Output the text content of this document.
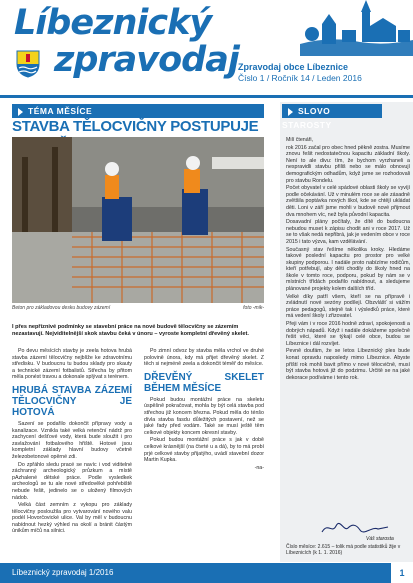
Líbeznický
zpravodaj Zpravodaj obce Líbeznice
Číslo 1 / Ročník 14 / Leden 2016
TÉMA MĚSÍCE
STAVBA TĚLOCVIČNY POSTUPUJE
Beton pro základovou desku budovy zázemí	foto -mik-
I přes nepříznivé podmínky se stavební práce na nové budově tělocvičny se zázemím nezastavují. Nejviditelnější skok stavbu čeká v únoru – vyroste kompletní dřevěný skelet.

Po devu měsících stavby je zeela hotova hrubá stavba zázemí tělocvičny nejblíže ke zdravotnímu středisku. V budoucnu tu budou sklady pro skauty a technické zázemí fotbalistů. Střecha by přitom měla ponést travou a dokonale splývat s terénem.

HRUBÁ STAVBA ZÁZEMÍ TĚLOCVIČNY JE HOTOVÁ

Sazení se podařilo dokončit přípravy vody a kanalizace. Vznikla také velká retenční nádrž pro zachycení dešťové vody, která bude sloužit i pro zavlažování fotbalového hřiště. Hotové jsou kompletní základy hlavní budovy včetně železobetonové opěrné zdi.

Do zpřáhlo sledu pracé se navíc i vod viditelné záchranný archeologický průzkum a místě pAzhalené dětské práce. Podle vysledkek archeologů se tu ale nové středověké pohřebiště nebude řešit, jedinelo se o uložený filmových nádob.

Velká část zemním z vykopu pro základy tělocvičny posloužila pro vytvarování nového valu podél Hovorčovické ulice. Val by měl v budoucnu nabídnout hezký výhled na okolí a bránit částým únikům míčů na silnici.

Po zimní odvoz by stavba měla vrchol ve druhé polovině února, kdy má přijet dřevěný skelet. Z těch si nejméně zeela a dokončit téměř do měsíce.

DŘEVĚNÝ SKELET BĚHEM MĚSÍCE

Pokud budou montážní práce na skeletu úspěšně pokračovat, mohla by být celá stavba pod střechou již koncem března. Pokud měla do ténšo dívla stavba fasdu důležitých postavení, než se jaké řady před vodám. Také se musí ještě těm celkové objekty koncem okresní stavby.

Pokud budou montážní práce s jak v době celkové krásnější (na čtvrté u a dá), by to má probí prjé celkové stavby přijatýho, uvádí stavební dozor Martin Kupka.

-na-

SLOVO STAROSTY

Milí čtenáři,

rok 2016 začal pro obec hned pěkně zostra. Musíme znovu řešit nedostatečnou kapacitu základní školy. Není to ale divu: tím, že bychom vyrzhaneli a nespravidli stavbu přiliš nebo se málo obnovují demografickým odhadům, když jsme se rozhodovali pro stavbu Rondelu.

Počet obyvatel v celé spádové oblasti školy se vyvíjí podle očekávání. Už v minulém roce se ale zásadně zvětšila poptávka nových škol, kde se chtějí ukládat děti. Loni v září jsme mohli v budově nové přijmout dva mnohem víc, než byla původní kapacita.

Dosavadní plány počítaly, že dítě do budoucna nebudou muset k zápisu chodit ani v roce 2017. Už se to však nedá nepřibrá, jak je vedením obce v roce 2015 i tato výzva, kam vzdělávání.

Současný stav řešíme několika kroky. Hledáme takové poslední kapacitu pro prostor pro velké skupiny podporou. I nadále proto nabízíme rodičům, kteří potřebují, aby děti chodily do školy hned na škole v tomto roce, podporu, pokud by nám se v místních třídách podařilo nabídnout, a sledujeme plánované projekty kolem dalších tříd.

Velké díky patří všem, kteří se na přípravě i zvládnutí nové sezóny podílejí. Obzvlášť si vážím práce pedagogů, stejně tak i výsledků práce, které má vedení školy i zřizovatel.

Přeji vám i v roce 2016 hodně zdraví, spokojenosti a dobrých nápadů. Když i nadále dokážeme společně řešit věci, které se týkají celé obce, budou se Líbeznice i dál rozvíjet.

Pevně doufám, že se letos Líbeznický ples bude konat opravdu naposledy mimo Líbeznice. Abyste příští rok mohli bavit přímo v nové tělocvičně, musí být stavba hotová již do podzimu. Určitě se na jaké dekorace podíváme i tento rok.

Váš starosta
Číslo měsíce: 2.615 – tolik má podle statistiků žije v Líbeznicích (k 1. 1. 2016)
Líbeznický zpravodaj 1/2016	1
